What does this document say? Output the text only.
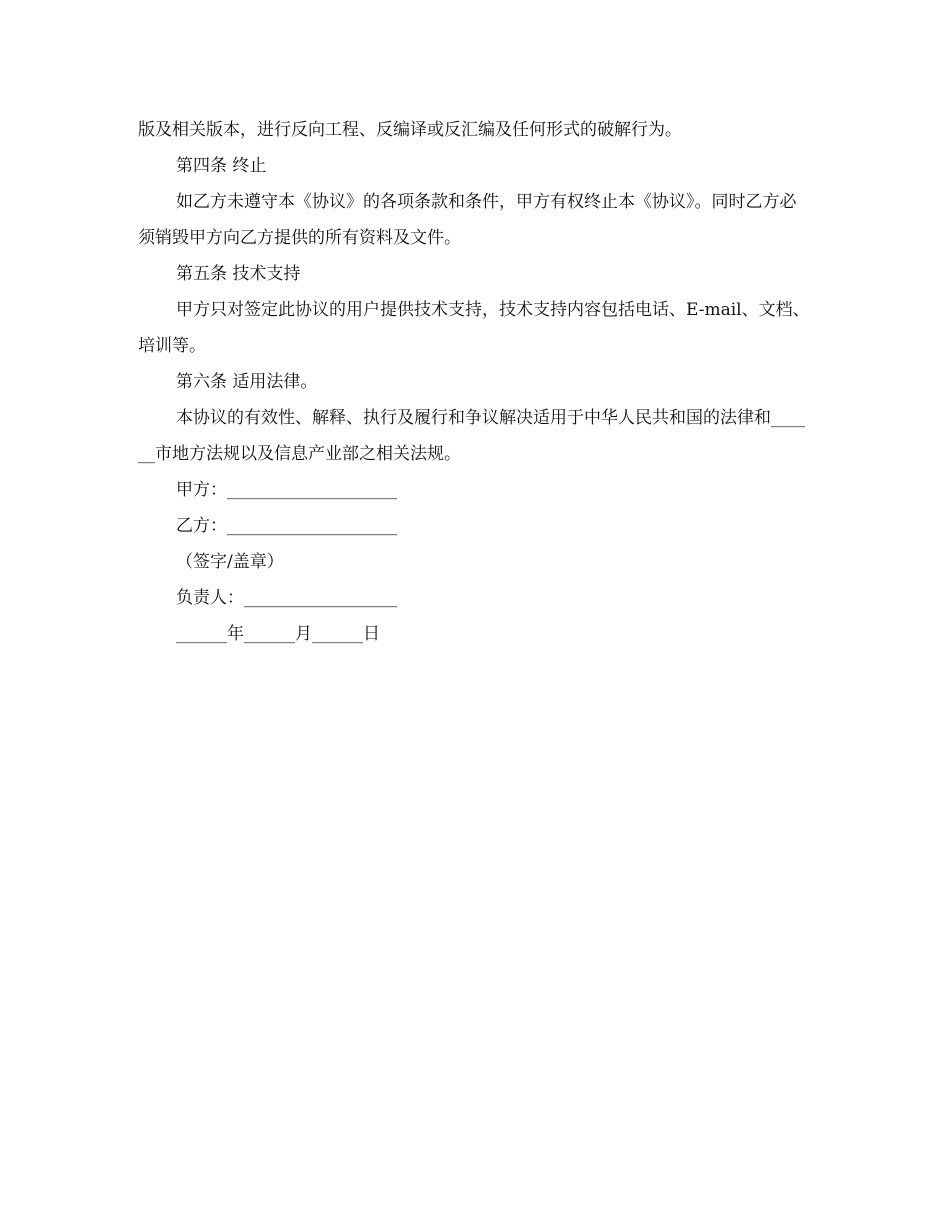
版及相关版本，进行反向工程、反编译或反汇编及任何形式的破解行为。

第四条 终止

如乙方未遵守本《协议》的各项条款和条件，甲方有权终止本《协议》。同时乙方必须销毁甲方向乙方提供的所有资料及文件。

第五条 技术支持

甲方只对签定此协议的用户提供技术支持，技术支持内容包括电话、E-mail、文档、培训等。

第六条 适用法律。

本协议的有效性、解释、执行及履行和争议解决适用于中华人民共和国的法律和______市地方法规以及信息产业部之相关法规。

甲方：____________________

乙方：____________________

（签字/盖章）

负责人：__________________

______年______月______日
